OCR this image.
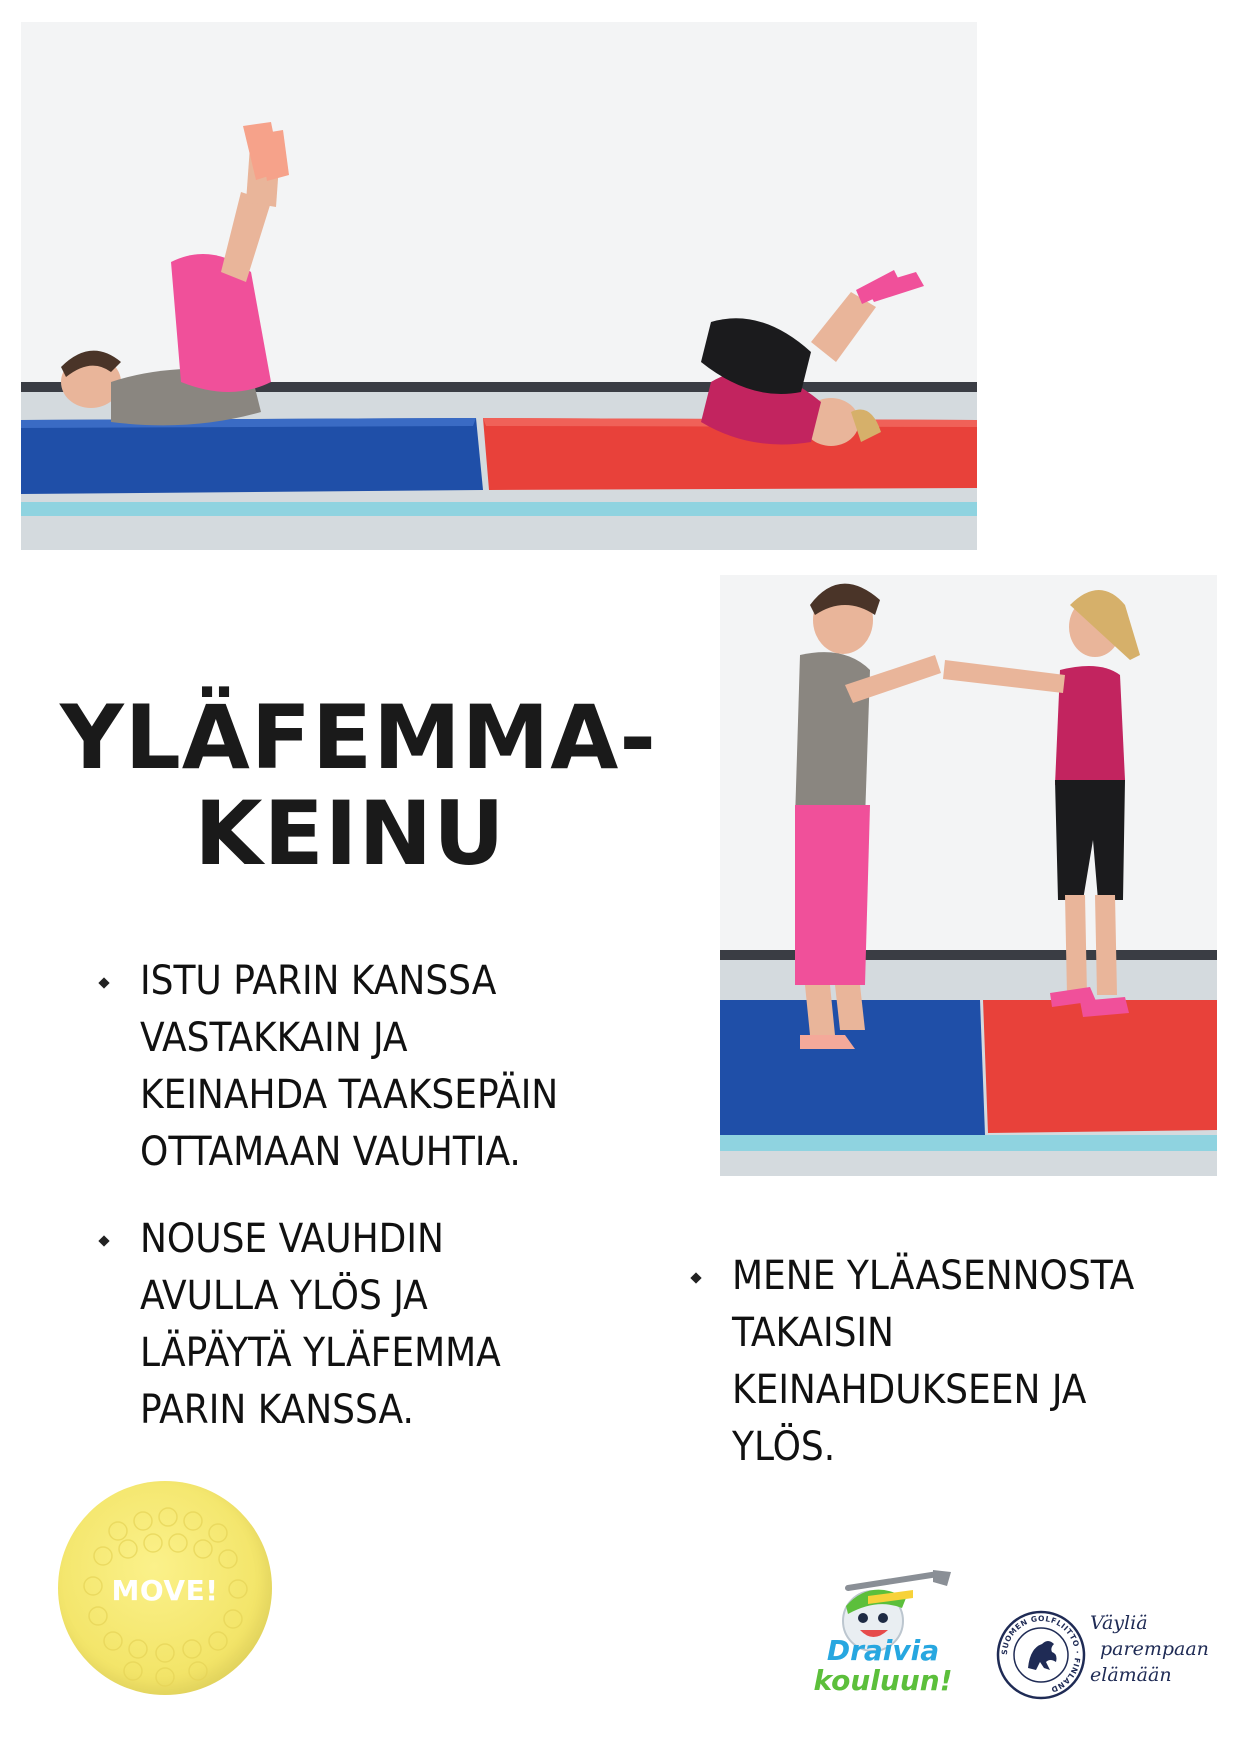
YLÄFEMMA-
KEINU
ISTU PARIN KANSSA
VASTAKKAIN JA
KEINAHDA TAAKSEPÄIN
OTTAMAAN VAUHTIA.
NOUSE VAUHDIN
AVULLA YLÖS JA
LÄPÄYTÄ YLÄFEMMA
PARIN KANSSA.
MENE YLÄASENNOSTA
TAKAISIN
KEINAHDUKSEEN JA
YLÖS.
MOVE!
Draivia
kouluun!
SUOMEN GOLFLIITTO · FINLAND
Väyliä
parempaan
elämään
